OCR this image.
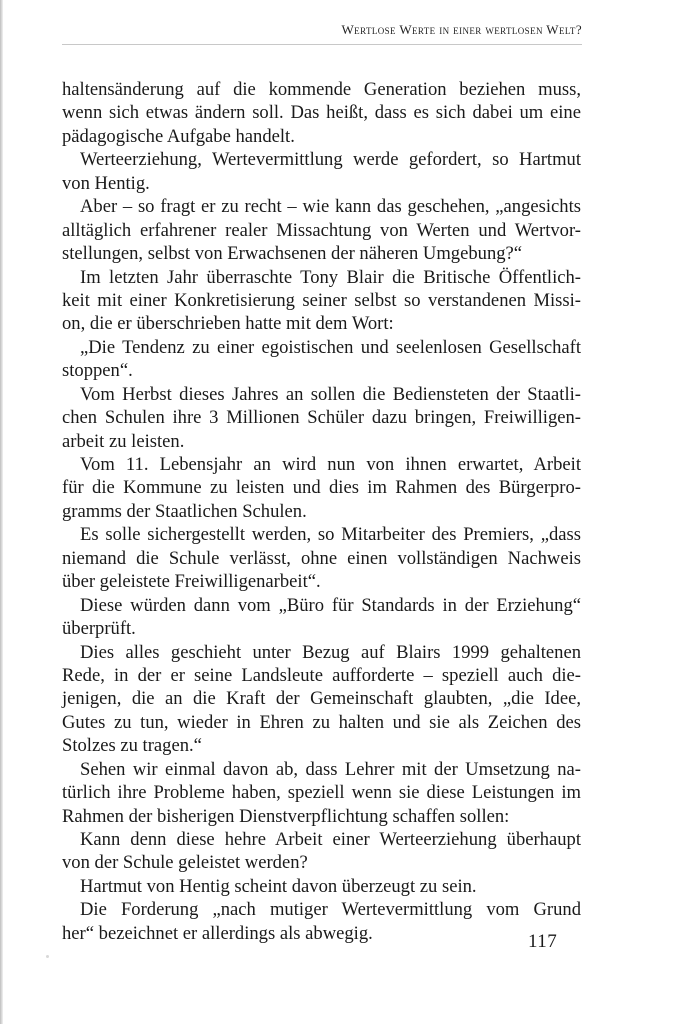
Wertlose Werte in einer wertlosen Welt?
haltensänderung auf die kommende Generation beziehen muss,
wenn sich etwas ändern soll. Das heißt, dass es sich dabei um eine
pädagogische Aufgabe handelt.
Werteerziehung, Wertevermittlung werde gefordert, so Hartmut
von Hentig.
Aber – so fragt er zu recht – wie kann das geschehen, „angesichts
alltäglich erfahrener realer Missachtung von Werten und Wertvor-
stellungen, selbst von Erwachsenen der näheren Umgebung?“
Im letzten Jahr überraschte Tony Blair die Britische Öffentlich-
keit mit einer Konkretisierung seiner selbst so verstandenen Missi-
on, die er überschrieben hatte mit dem Wort:
„Die Tendenz zu einer egoistischen und seelenlosen Gesellschaft
stoppen“.
Vom Herbst dieses Jahres an sollen die Bediensteten der Staatli-
chen Schulen ihre 3 Millionen Schüler dazu bringen, Freiwilligen-
arbeit zu leisten.
Vom 11. Lebensjahr an wird nun von ihnen erwartet, Arbeit
für die Kommune zu leisten und dies im Rahmen des Bürgerpro-
gramms der Staatlichen Schulen.
Es solle sichergestellt werden, so Mitarbeiter des Premiers, „dass
niemand die Schule verlässt, ohne einen vollständigen Nachweis
über geleistete Freiwilligenarbeit“.
Diese würden dann vom „Büro für Standards in der Erziehung“
überprüft.
Dies alles geschieht unter Bezug auf Blairs 1999 gehaltenen
Rede, in der er seine Landsleute aufforderte – speziell auch die-
jenigen, die an die Kraft der Gemeinschaft glaubten, „die Idee,
Gutes zu tun, wieder in Ehren zu halten und sie als Zeichen des
Stolzes zu tragen.“
Sehen wir einmal davon ab, dass Lehrer mit der Umsetzung na-
türlich ihre Probleme haben, speziell wenn sie diese Leistungen im
Rahmen der bisherigen Dienstverpflichtung schaffen sollen:
Kann denn diese hehre Arbeit einer Werteerziehung überhaupt
von der Schule geleistet werden?
Hartmut von Hentig scheint davon überzeugt zu sein.
Die Forderung „nach mutiger Wertevermittlung vom Grund
her“ bezeichnet er allerdings als abwegig.	117
